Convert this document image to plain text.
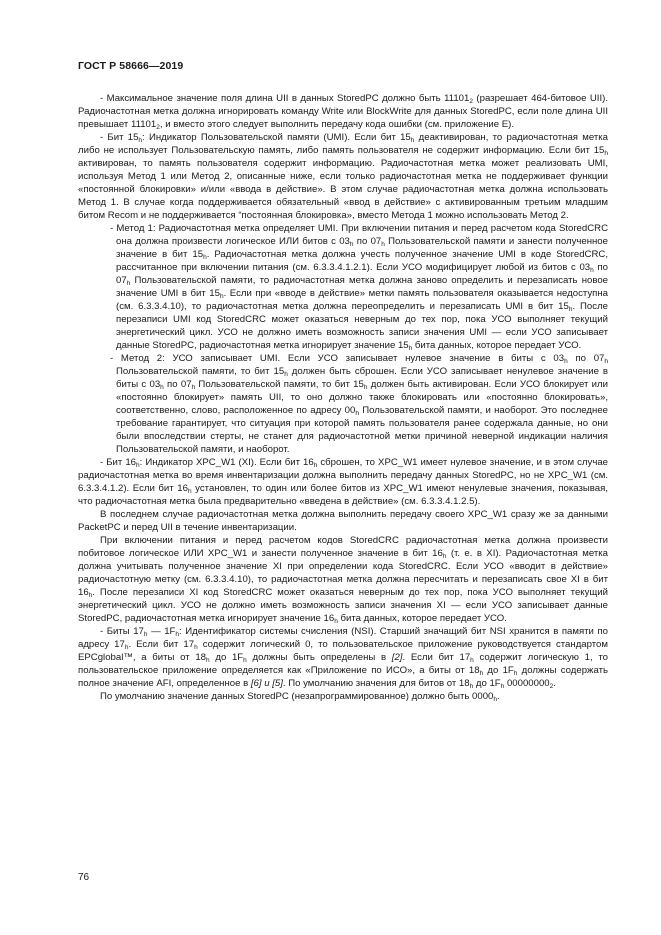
ГОСТ Р 58666—2019

- Максимальное значение поля длина UII в данных StoredPC должно быть $11101_2$ (разрешает 464-битовое UII). Радиочастотная метка должна игнорировать команду Write или BlockWrite для данных StoredPC, если поле длина UII превышает $11101_2$, и вместо этого следует выполнить передачу кода ошибки (см. приложение Е).

- Бит $15_h$: Индикатор Пользовательской памяти (UMI). Если бит $15_h$ деактивирован, то радиочастотная метка либо не использует Пользовательскую память, либо память пользователя не содержит информацию. Если бит $15_h$ активирован, то память пользователя содержит информацию. Радиочастотная метка может реализовать UMI, используя Метод 1 или Метод 2, описанные ниже, если только радиочастотная метка не поддерживает функции «постоянной блокировки» и/или «ввода в действие». В этом случае радиочастотная метка должна использовать Метод 1. В случае когда поддерживается обязательный «ввод в действие» с активированным третьим младшим битом Recom и не поддерживается “постоянная блокировка», вместо Метода 1 можно использовать Метод 2.

- Метод 1: Радиочастотная метка определяет UMI. При включении питания и перед расчетом кода StoredCRC она должна произвести логическое ИЛИ битов с $03_h$ по $07_h$ Пользовательской памяти и занести полученное значение в бит $15_h$. Радиочастотная метка должна учесть полученное значение UMI в коде StoredCRC, рассчитанное при включении питания (см. 6.3.3.4.1.2.1). Если УСО модифицирует любой из битов с $03_h$ по $07_h$ Пользовательской памяти, то радиочастотная метка должна заново определить и перезаписать новое значение UMI в бит $15_h$. Если при «вводе в действие» метки память пользователя оказывается недоступна (см. 6.3.3.4.10), то радиочастотная метка должна переопределить и перезаписать UMI в бит $15_h$. После перезаписи UMI код StoredCRC может оказаться неверным до тех пор, пока УСО выполняет текущий энергетический цикл. УСО не должно иметь возможность записи значения UMI — если УСО записывает данные StoredPC, радиочастотная метка игнорирует значение $15_h$ бита данных, которое передает УСО.

- Метод 2: УСО записывает UMI. Если УСО записывает нулевое значение в биты с $03_h$ по $07_h$ Пользовательской памяти, то бит $15_h$ должен быть сброшен. Если УСО записывает ненулевое значение в биты с $03_h$ по $07_h$ Пользовательской памяти, то бит $15_h$ должен быть активирован. Если УСО блокирует или «постоянно блокирует» память UII, то оно должно также блокировать или «постоянно блокировать», соответственно, слово, расположенное по адресу $00_h$ Пользовательской памяти, и наоборот. Это последнее требование гарантирует, что ситуация при которой память пользователя ранее содержала данные, но они были впоследствии стерты, не станет для радиочастотной метки причиной неверной индикации наличия Пользовательской памяти, и наоборот.

- Бит $16_h$: Индикатор XPC_W1 (XI). Если бит $16_h$ сброшен, то XPC_W1 имеет нулевое значение, и в этом случае радиочастотная метка во время инвентаризации должна выполнить передачу данных StoredPC, но не XPC_W1 (см. 6.3.3.4.1.2). Если бит $16_h$ установлен, то один или более битов из XPC_W1 имеют ненулевые значения, показывая, что радиочастотная метка была предварительно «введена в действие» (см. 6.3.3.4.1.2.5).

В последнем случае радиочастотная метка должна выполнить передачу своего XPC_W1 сразу же за данными PacketPC и перед UII в течение инвентаризации.

При включении питания и перед расчетом кодов StoredCRC радиочастотная метка должна произвести побитовое логическое ИЛИ XPC_W1 и занести полученное значение в бит $16_h$ (т. е. в XI). Радиочастотная метка должна учитывать полученное значение XI при определении кода StoredCRC. Если УСО «вводит в действие» радиочастотную метку (см. 6.3.3.4.10), то радиочастотная метка должна пересчитать и перезаписать свое XI в бит $16_h$. После перезаписи XI код StoredCRC может оказаться неверным до тех пор, пока УСО выполняет текущий энергетический цикл. УСО не должно иметь возможность записи значения XI — если УСО записывает данные StoredPC, радиочастотная метка игнорирует значение $16_h$ бита данных, которое передает УСО.

- Биты $17_h$ — $1F_h$: Идентификатор системы счисления (NSI). Старший значащий бит NSI хранится в памяти по адресу $17_h$. Если бит $17_h$ содержит логический 0, то пользовательское приложение руководствуется стандартом EPCglobal™, а биты от $18_h$ до $1F_h$ должны быть определены в [2]. Если бит $17_h$ содержит логическую 1, то пользовательское приложение определяется как «Приложение по ИСО», а биты от $18_h$ до $1F_h$ должны содержать полное значение AFI, определенное в [6] и [5]. По умолчанию значения для битов от $18_h$ до $1F_h$ $00000000_2$.

По умолчанию значение данных StoredPC (незапрограммированное) должно быть $0000_h$.

76
